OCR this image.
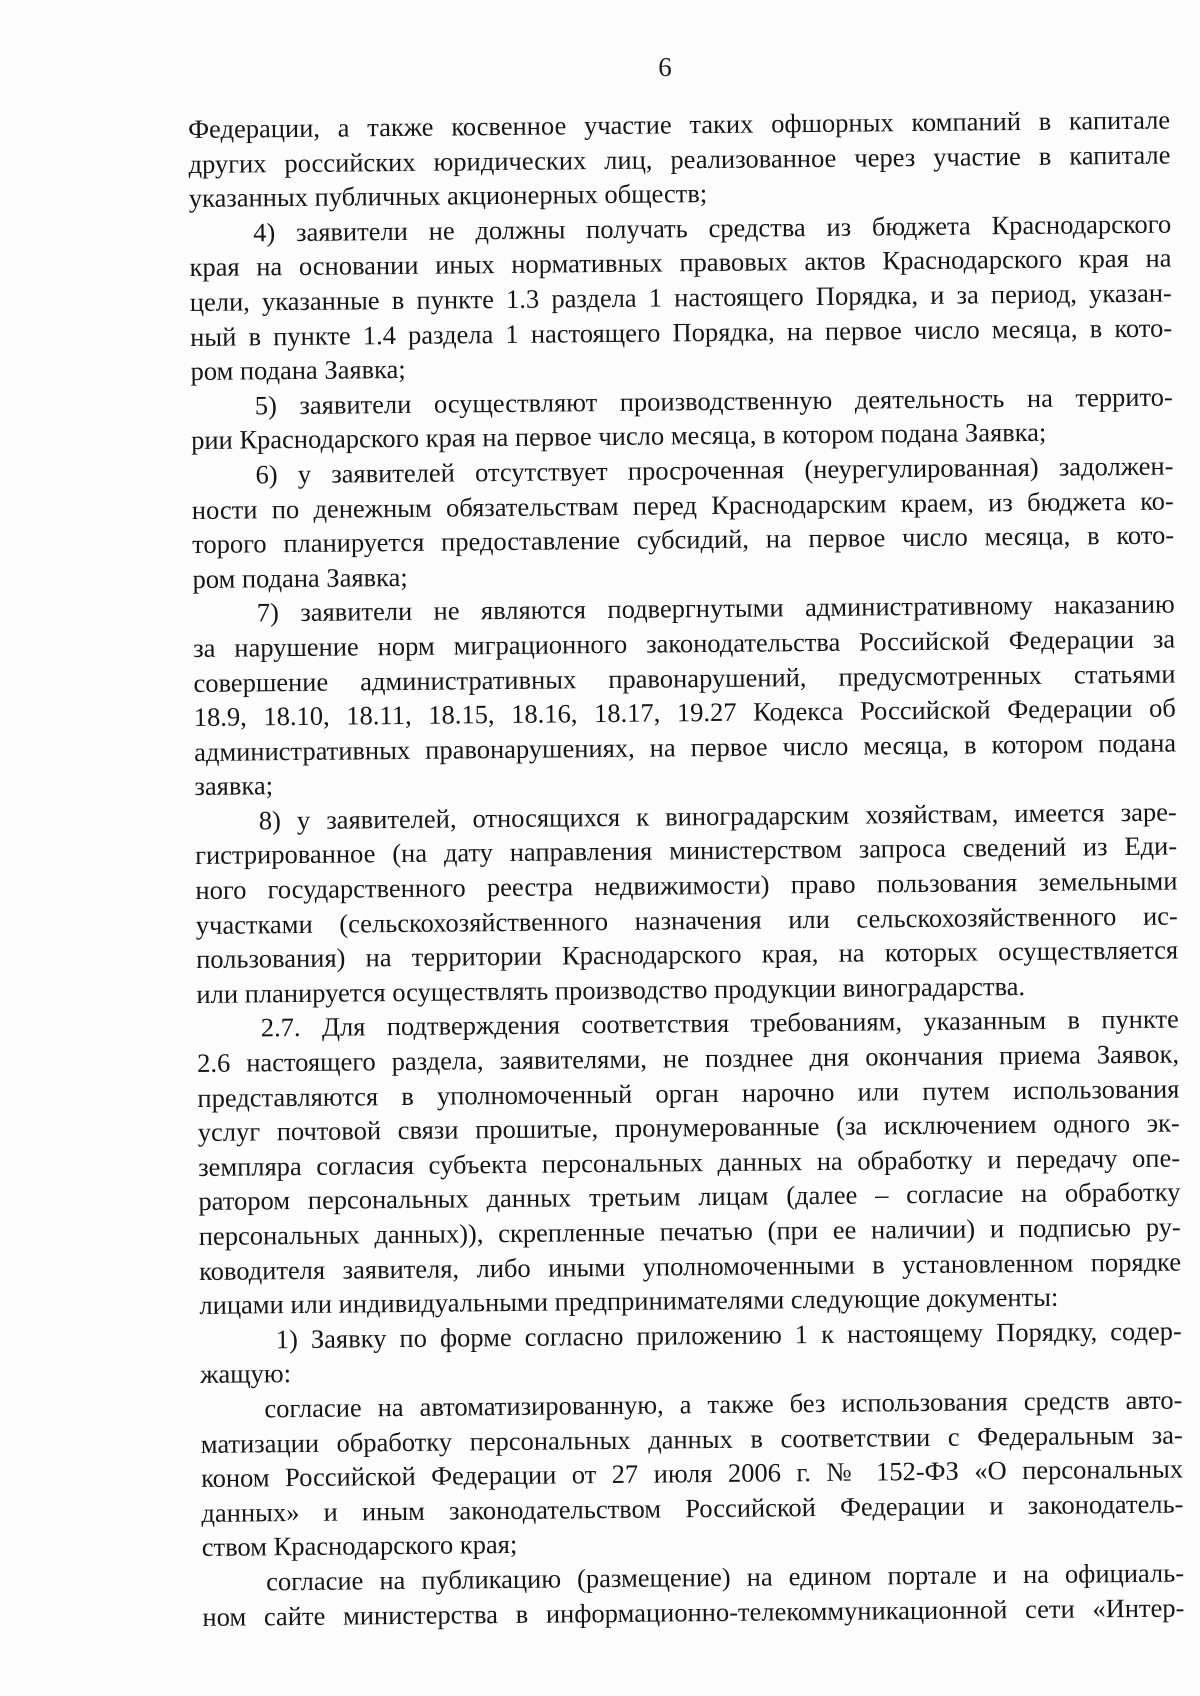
6
Федерации, а также косвенное участие таких офшорных компаний в капитале
других российских юридических лиц, реализованное через участие в капитале
указанных публичных акционерных обществ;
4) заявители не должны получать средства из бюджета Краснодарского
края на основании иных нормативных правовых актов Краснодарского края на
цели, указанные в пункте 1.3 раздела 1 настоящего Порядка, и за период, указан-
ный в пункте 1.4 раздела 1 настоящего Порядка, на первое число месяца, в кото-
ром подана Заявка;
5) заявители осуществляют производственную деятельность на террито-
рии Краснодарского края на первое число месяца, в котором подана Заявка;
6) у заявителей отсутствует просроченная (неурегулированная) задолжен-
ности по денежным обязательствам перед Краснодарским краем, из бюджета ко-
торого планируется предоставление субсидий, на первое число месяца, в кото-
ром подана Заявка;
7) заявители не являются подвергнутыми административному наказанию
за нарушение норм миграционного законодательства Российской Федерации за
совершение административных правонарушений, предусмотренных статьями
18.9, 18.10, 18.11, 18.15, 18.16, 18.17, 19.27 Кодекса Российской Федерации об
административных правонарушениях, на первое число месяца, в котором подана
заявка;
8) у заявителей, относящихся к виноградарским хозяйствам, имеется заре-
гистрированное (на дату направления министерством запроса сведений из Еди-
ного государственного реестра недвижимости) право пользования земельными
участками (сельскохозяйственного назначения или сельскохозяйственного ис-
пользования) на территории Краснодарского края, на которых осуществляется
или планируется осуществлять производство продукции виноградарства.
2.7. Для подтверждения соответствия требованиям, указанным в пункте
2.6 настоящего раздела, заявителями, не позднее дня окончания приема Заявок,
представляются в уполномоченный орган нарочно или путем использования
услуг почтовой связи прошитые, пронумерованные (за исключением одного эк-
земпляра согласия субъекта персональных данных на обработку и передачу опе-
ратором персональных данных третьим лицам (далее – согласие на обработку
персональных данных)), скрепленные печатью (при ее наличии) и подписью ру-
ководителя заявителя, либо иными уполномоченными в установленном порядке
лицами или индивидуальными предпринимателями следующие документы:
1) Заявку по форме согласно приложению 1 к настоящему Порядку, содер-
жащую:
согласие на автоматизированную, а также без использования средств авто-
матизации обработку персональных данных в соответствии с Федеральным за-
коном Российской Федерации от 27 июля 2006 г. № 152-ФЗ «О персональных
данных» и иным законодательством Российской Федерации и законодатель-
ством Краснодарского края;
согласие на публикацию (размещение) на едином портале и на официаль-
ном сайте министерства в информационно-телекоммуникационной сети «Интер-
